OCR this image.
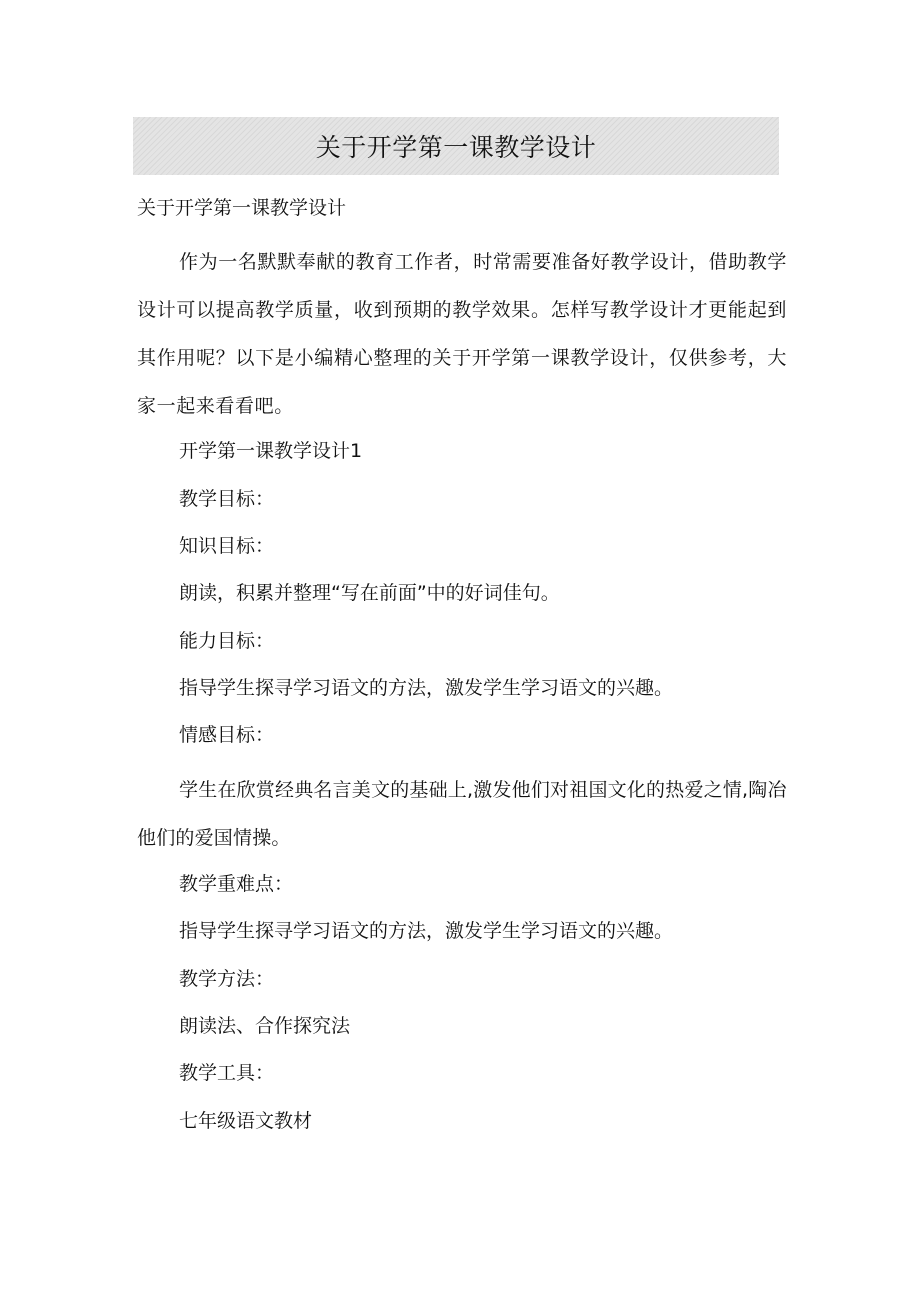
关于开学第一课教学设计
关于开学第一课教学设计

作为一名默默奉献的教育工作者，时常需要准备好教学设计，借助教学设计可以提高教学质量，收到预期的教学效果。怎样写教学设计才更能起到其作用呢？以下是小编精心整理的关于开学第一课教学设计，仅供参考，大家一起来看看吧。

开学第一课教学设计1

教学目标：

知识目标：

朗读，积累并整理“写在前面”中的好词佳句。

能力目标：

指导学生探寻学习语文的方法，激发学生学习语文的兴趣。

情感目标：

学生在欣赏经典名言美文的基础上,激发他们对祖国文化的热爱之情,陶冶他们的爱国情操。

教学重难点：

指导学生探寻学习语文的方法，激发学生学习语文的兴趣。

教学方法：

朗读法、合作探究法

教学工具：

七年级语文教材
